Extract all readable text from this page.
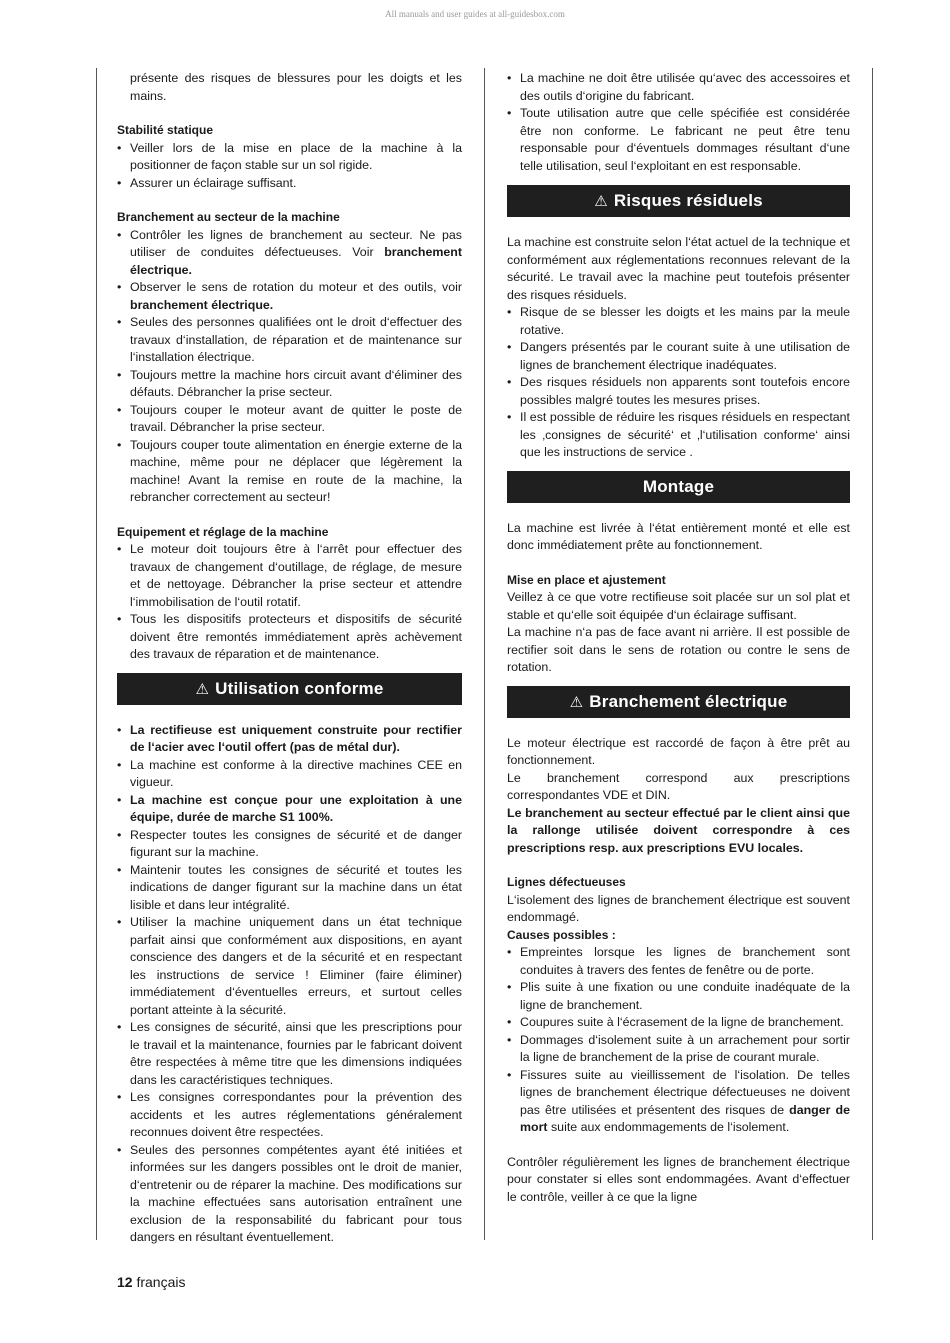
All manuals and user guides at all-guidesbox.com

présente des risques de blessures pour les doigts et les mains.

Stabilité statique
• Veiller lors de la mise en place de la machine à la positionner de façon stable sur un sol rigide.
• Assurer un éclairage suffisant.
Branchement au secteur de la machine
• Contrôler les lignes de branchement au secteur. Ne pas utiliser de conduites défectueuses. Voir branchement électrique.
• Observer le sens de rotation du moteur et des outils, voir branchement électrique.
• Seules des personnes qualifiées ont le droit d‘effectuer des travaux d‘installation, de réparation et de maintenance sur l‘installation électrique.
• Toujours mettre la machine hors circuit avant d‘éliminer des défauts. Débrancher la prise secteur.
• Toujours couper le moteur avant de quitter le poste de travail. Débrancher la prise secteur.
• Toujours couper toute alimentation en énergie externe de la machine, même pour ne déplacer que légèrement la machine! Avant la remise en route de la machine, la rebrancher correctement au secteur!
Equipement et réglage de la machine
• Le moteur doit toujours être à l‘arrêt pour effectuer des travaux de changement d‘outillage, de réglage, de mesure et de nettoyage. Débrancher la prise secteur et attendre l‘immobilisation de l‘outil rotatif.
• Tous les dispositifs protecteurs et dispositifs de sécurité doivent être remontés immédiatement après achèvement des travaux de réparation et de maintenance.
⚠ Utilisation conforme
• La rectifieuse est uniquement construite pour rectifier de l‘acier avec l‘outil offert (pas de métal dur).
• La machine est conforme à la directive machines CEE en vigueur.
• La machine est conçue pour une exploitation à une équipe, durée de marche S1 100%.
• Respecter toutes les consignes de sécurité et de danger figurant sur la machine.
• Maintenir toutes les consignes de sécurité et toutes les indications de danger figurant sur la machine dans un état lisible et dans leur intégralité.
• Utiliser la machine uniquement dans un état technique parfait ainsi que conformément aux dispositions, en ayant conscience des dangers et de la sécurité et en respectant les instructions de service ! Eliminer (faire éliminer) immédiatement d‘éventuelles erreurs, et surtout celles portant atteinte à la sécurité.
• Les consignes de sécurité, ainsi que les prescriptions pour le travail et la maintenance, fournies par le fabricant doivent être respectées à même titre que les dimensions indiquées dans les caractéristiques techniques.
• Les consignes correspondantes pour la prévention des accidents et les autres réglementations généralement reconnues doivent être respectées.
• Seules des personnes compétentes ayant été initiées et informées sur les dangers possibles ont le droit de manier, d‘entretenir ou de réparer la machine. Des modifications sur la machine effectuées sans autorisation entraînent une exclusion de la responsabilité du fabricant pour tous dangers en résultant éventuellement.
• La machine ne doit être utilisée qu‘avec des accessoires et des outils d‘origine du fabricant.
• Toute utilisation autre que celle spécifiée est considérée être non conforme. Le fabricant ne peut être tenu responsable pour d‘éventuels dommages résultant d‘une telle utilisation, seul l‘exploitant en est responsable.
⚠ Risques résiduels

La machine est construite selon l‘état actuel de la technique et conformément aux réglementations reconnues relevant de la sécurité. Le travail avec la machine peut toutefois présenter des risques résiduels.

• Risque de se blesser les doigts et les mains par la meule rotative.
• Dangers présentés par le courant suite à une utilisation de lignes de branchement électrique inadéquates.
• Des risques résiduels non apparents sont toutefois encore possibles malgré toutes les mesures prises.
• Il est possible de réduire les risques résiduels en respectant les ‚consignes de sécurité‘ et ‚l‘utilisation conforme‘ ainsi que les instructions de service .
Montage

La machine est livrée à l‘état entièrement monté et elle est donc immédiatement prête au fonctionnement.

Mise en place et ajustement

Veillez à ce que votre rectifieuse soit placée sur un sol plat et stable et qu‘elle soit équipée d‘un éclairage suffisant.

La machine n‘a pas de face avant ni arrière. Il est possible de rectifier soit dans le sens de rotation ou contre le sens de rotation.

⚠ Branchement électrique

Le moteur électrique est raccordé de façon à être prêt au fonctionnement.

Le branchement correspond aux prescriptions correspondantes VDE et DIN.

Le branchement au secteur effectué par le client ainsi que la rallonge utilisée doivent correspondre à ces prescriptions resp. aux prescriptions EVU locales.

Lignes défectueuses

L‘isolement des lignes de branchement électrique est souvent endommagé.

Causes possibles :
• Empreintes lorsque les lignes de branchement sont conduites à travers des fentes de fenêtre ou de porte.
• Plis suite à une fixation ou une conduite inadéquate de la ligne de branchement.
• Coupures suite à l‘écrasement de la ligne de branchement.
• Dommages d‘isolement suite à un arrachement pour sortir la ligne de branchement de la prise de courant murale.
• Fissures suite au vieillissement de l‘isolation. De telles lignes de branchement électrique défectueuses ne doivent pas être utilisées et présentent des risques de danger de mort suite aux endommagements de l‘isolement.

Contrôler régulièrement les lignes de branchement électrique pour constater si elles sont endommagées. Avant d‘effectuer le contrôle, veiller à ce que la ligne

12 français
